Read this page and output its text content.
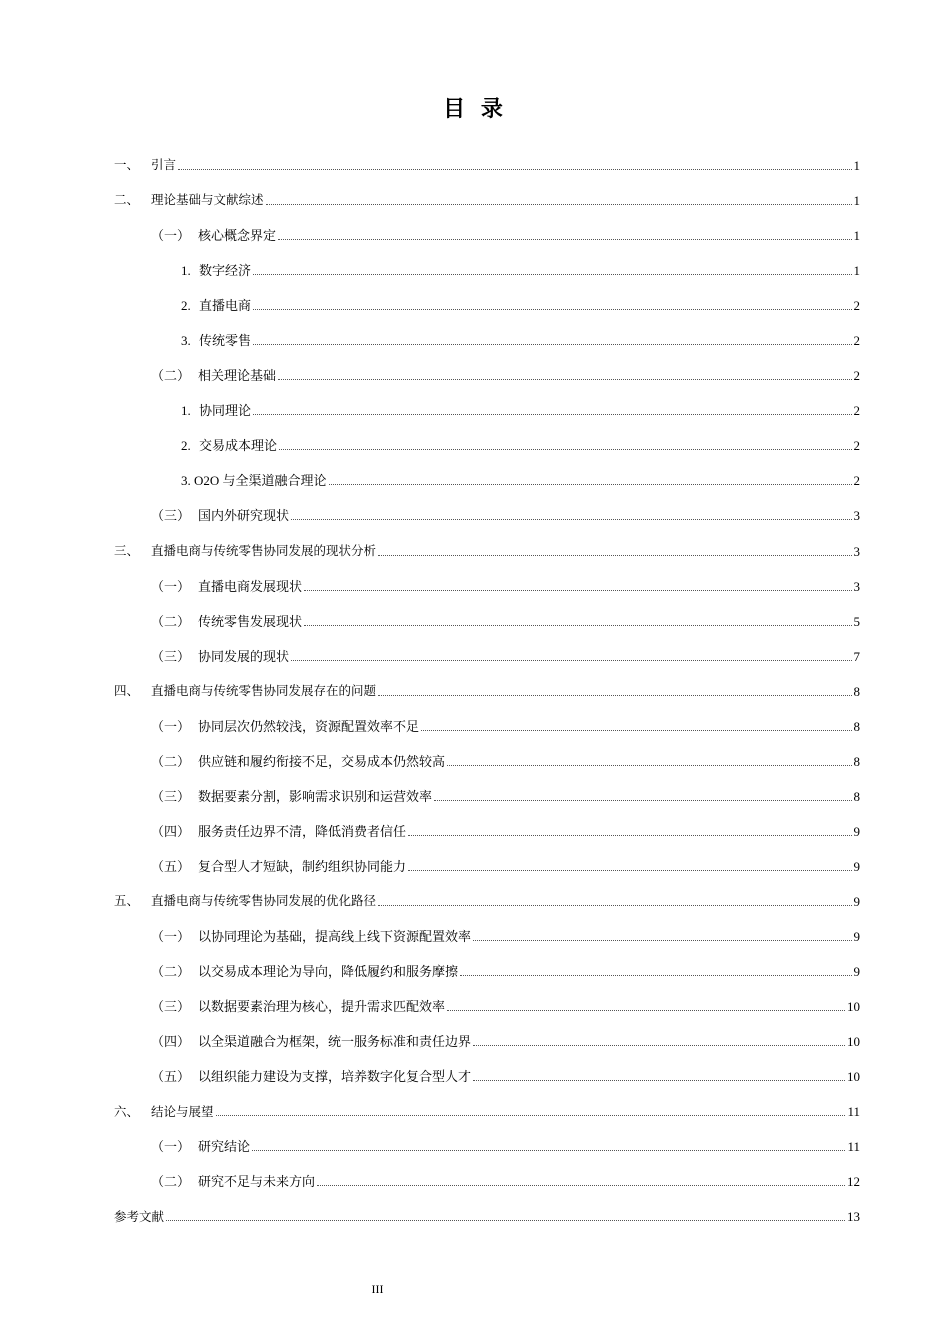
目 录
一、 引言	1
二、 理论基础与文献综述	1
（一） 核心概念界定	1
1. 数字经济	1
2. 直播电商	2
3. 传统零售	2
（二） 相关理论基础	2
1. 协同理论	2
2. 交易成本理论	2
3. O2O 与全渠道融合理论	2
（三） 国内外研究现状	3
三、 直播电商与传统零售协同发展的现状分析	3
（一） 直播电商发展现状	3
（二） 传统零售发展现状	5
（三） 协同发展的现状	7
四、 直播电商与传统零售协同发展存在的问题	8
（一） 协同层次仍然较浅，资源配置效率不足	8
（二） 供应链和履约衔接不足，交易成本仍然较高	8
（三） 数据要素分割，影响需求识别和运营效率	8
（四） 服务责任边界不清，降低消费者信任	9
（五） 复合型人才短缺，制约组织协同能力	9
五、 直播电商与传统零售协同发展的优化路径	9
（一） 以协同理论为基础，提高线上线下资源配置效率	9
（二） 以交易成本理论为导向，降低履约和服务摩擦	9
（三） 以数据要素治理为核心，提升需求匹配效率	10
（四） 以全渠道融合为框架，统一服务标准和责任边界	10
（五） 以组织能力建设为支撑，培养数字化复合型人才	10
六、 结论与展望	11
（一） 研究结论	11
（二） 研究不足与未来方向	12
参考文献	13
III
